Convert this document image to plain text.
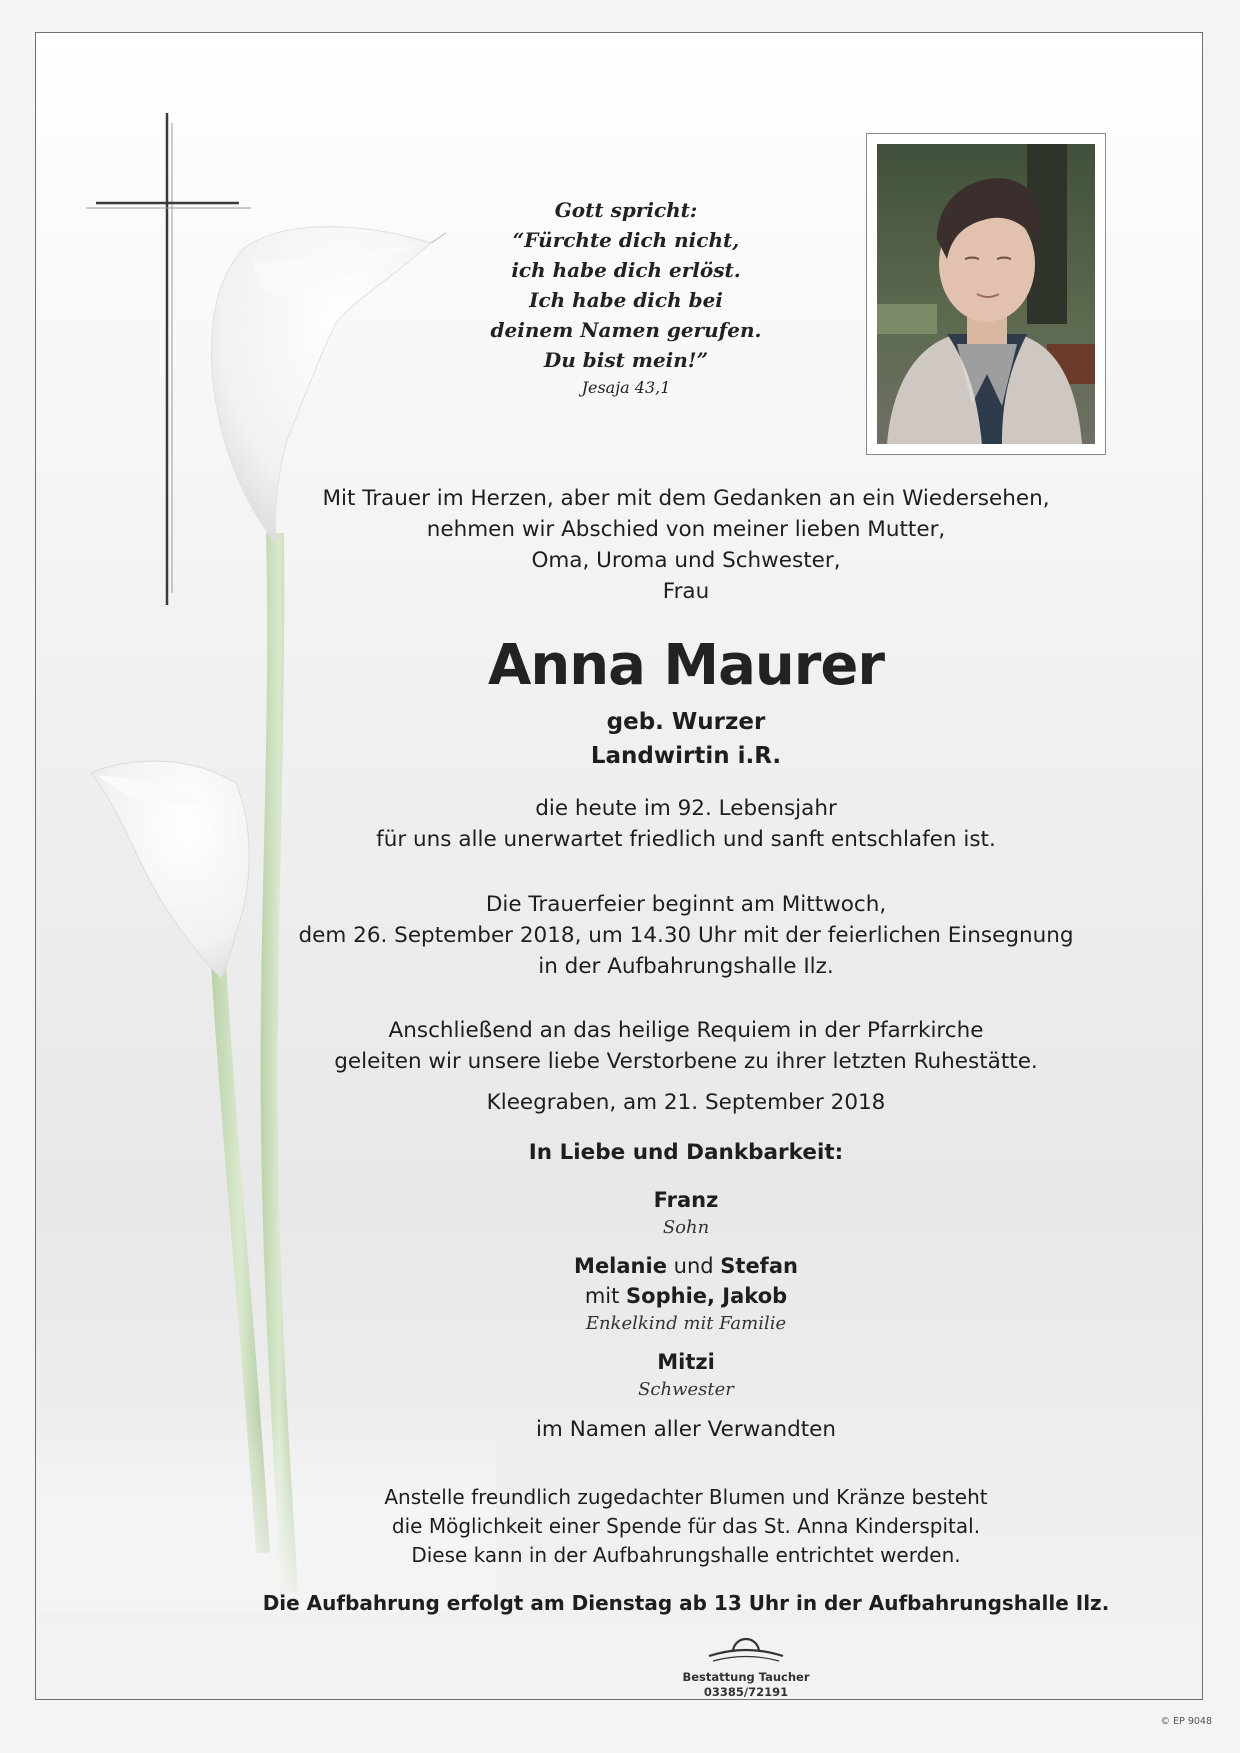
Gott spricht:
“Fürchte dich nicht,
ich habe dich erlöst.
Ich habe dich bei
deinem Namen gerufen.
Du bist mein!”
Jesaja 43,1
Mit Trauer im Herzen, aber mit dem Gedanken an ein Wiedersehen,
nehmen wir Abschied von meiner lieben Mutter,
Oma, Uroma und Schwester,
Frau
Anna Maurer
geb. Wurzer
Landwirtin i.R.
die heute im 92. Lebensjahr
für uns alle unerwartet friedlich und sanft entschlafen ist.
Die Trauerfeier beginnt am Mittwoch,
dem 26. September 2018, um 14.30 Uhr mit der feierlichen Einsegnung
in der Aufbahrungshalle Ilz.
Anschließend an das heilige Requiem in der Pfarrkirche
geleiten wir unsere liebe Verstorbene zu ihrer letzten Ruhestätte.
Kleegraben, am 21. September 2018
In Liebe und Dankbarkeit:
Franz
Sohn
Melanie und Stefan
mit Sophie, Jakob
Enkelkind mit Familie
Mitzi
Schwester
im Namen aller Verwandten
Anstelle freundlich zugedachter Blumen und Kränze besteht
die Möglichkeit einer Spende für das St. Anna Kinderspital.
Diese kann in der Aufbahrungshalle entrichtet werden.
Die Aufbahrung erfolgt am Dienstag ab 13 Uhr in der Aufbahrungshalle Ilz.
Bestattung Taucher
03385/72191
© EP 9048
